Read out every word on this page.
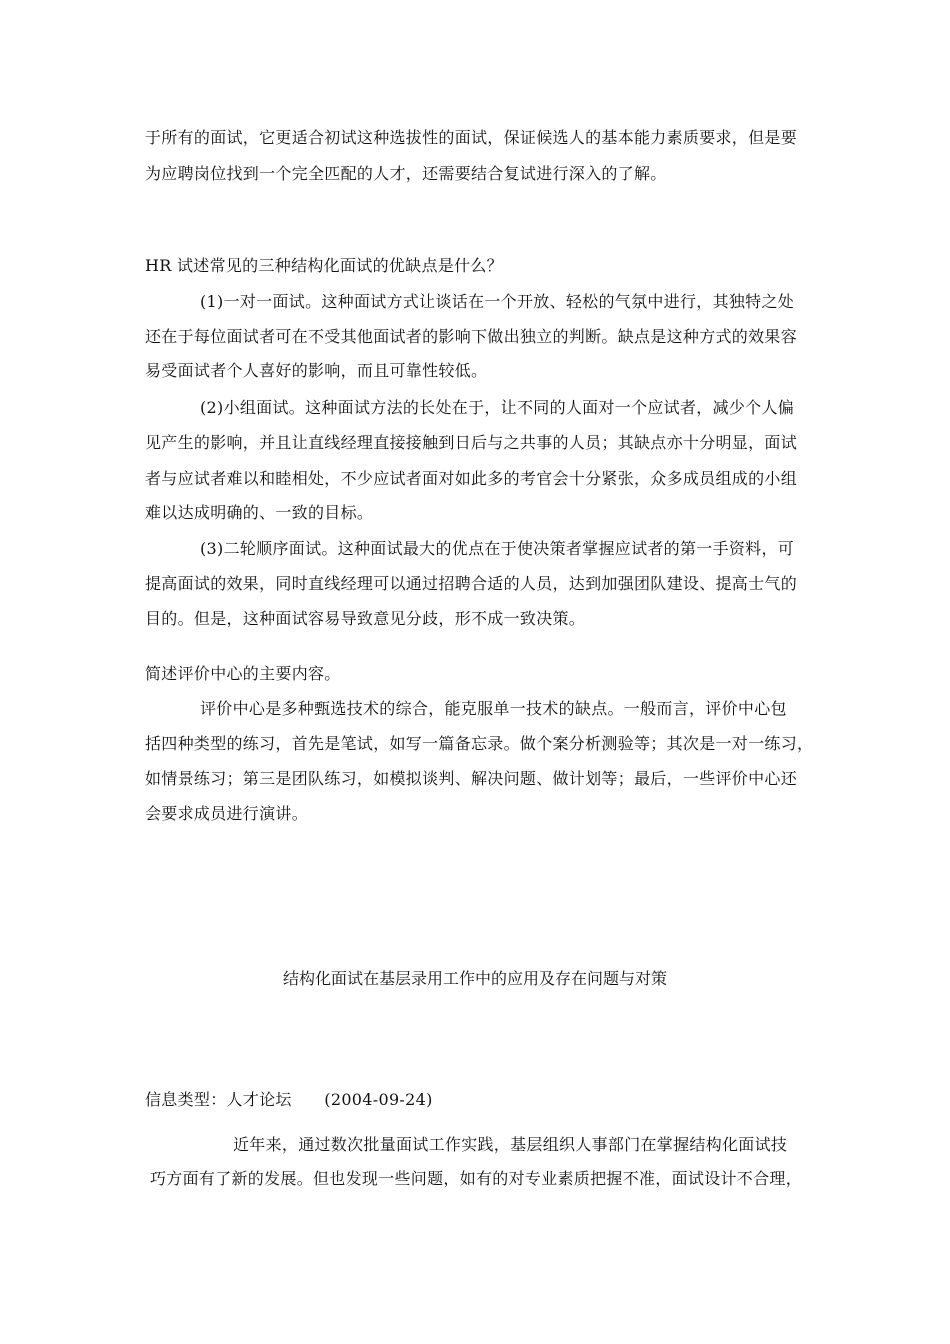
于所有的面试，它更适合初试这种选拔性的面试，保证候选人的基本能力素质要求，但是要
为应聘岗位找到一个完全匹配的人才，还需要结合复试进行深入的了解。
HR 试述常见的三种结构化面试的优缺点是什么？
(1)一对一面试。这种面试方式让谈话在一个开放、轻松的气氛中进行，其独特之处
还在于每位面试者可在不受其他面试者的影响下做出独立的判断。缺点是这种方式的效果容
易受面试者个人喜好的影响，而且可靠性较低。
(2)小组面试。这种面试方法的长处在于，让不同的人面对一个应试者，减少个人偏
见产生的影响，并且让直线经理直接接触到日后与之共事的人员；其缺点亦十分明显，面试
者与应试者难以和睦相处，不少应试者面对如此多的考官会十分紧张，众多成员组成的小组
难以达成明确的、一致的目标。
(3)二轮顺序面试。这种面试最大的优点在于使决策者掌握应试者的第一手资料，可
提高面试的效果，同时直线经理可以通过招聘合适的人员，达到加强团队建设、提高士气的
目的。但是，这种面试容易导致意见分歧，形不成一致决策。
简述评价中心的主要内容。
评价中心是多种甄选技术的综合，能克服单一技术的缺点。一般而言，评价中心包
括四种类型的练习，首先是笔试，如写一篇备忘录。做个案分析测验等；其次是一对一练习，
如情景练习；第三是团队练习，如模拟谈判、解决问题、做计划等；最后，一些评价中心还
会要求成员进行演讲。
结构化面试在基层录用工作中的应用及存在问题与对策
信息类型：人才论坛　　(2004-09-24)
近年来，通过数次批量面试工作实践，基层组织人事部门在掌握结构化面试技
巧方面有了新的发展。但也发现一些问题，如有的对专业素质把握不准，面试设计不合理，
